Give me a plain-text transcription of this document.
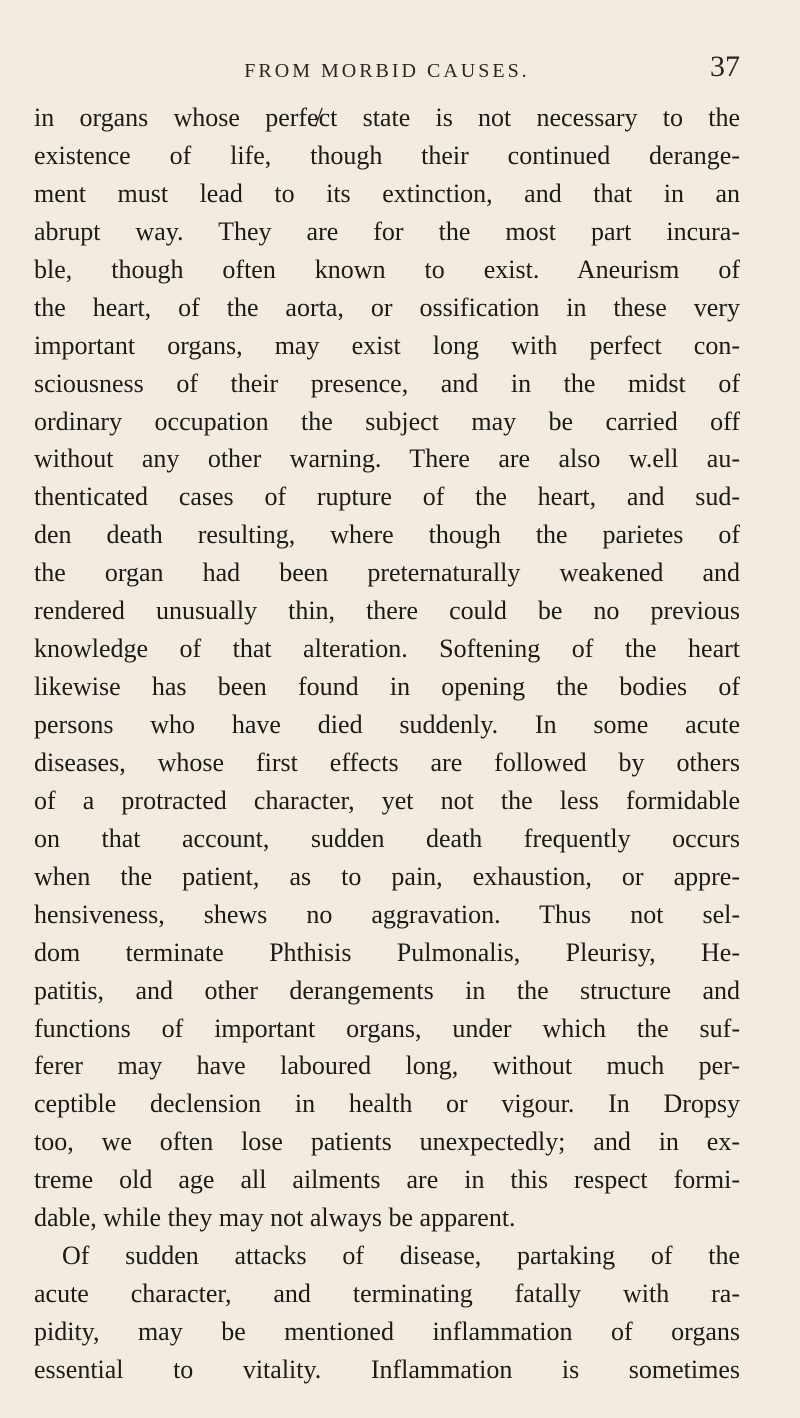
FROM MORBID CAUSES.	37
in organs whose perfe̸ct state is not necessary to the
existence of life, though their continued derange-
ment must lead to its extinction, and that in an
abrupt way. They are for the most part incura-
ble, though often known to exist. Aneurism of
the heart, of the aorta, or ossification in these very
important organs, may exist long with perfect con-
sciousness of their presence, and in the midst of
ordinary occupation the subject may be carried off
without any other warning. There are also w.ell au-
thenticated cases of rupture of the heart, and sud-
den death resulting, where though the parietes of
the organ had been preternaturally weakened and
rendered unusually thin, there could be no previous
knowledge of that alteration. Softening of the heart
likewise has been found in opening the bodies of
persons who have died suddenly. In some acute
diseases, whose first effects are followed by others
of a protracted character, yet not the less formidable
on that account, sudden death frequently occurs
when the patient, as to pain, exhaustion, or appre-
hensiveness, shews no aggravation. Thus not sel-
dom terminate Phthisis Pulmonalis, Pleurisy, He-
patitis, and other derangements in the structure and
functions of important organs, under which the suf-
ferer may have laboured long, without much per-
ceptible declension in health or vigour. In Dropsy
too, we often lose patients unexpectedly; and in ex-
treme old age all ailments are in this respect formi-
dable, while they may not always be apparent.
Of sudden attacks of disease, partaking of the
acute character, and terminating fatally with ra-
pidity, may be mentioned inflammation of organs
essential to vitality. Inflammation is sometimes
